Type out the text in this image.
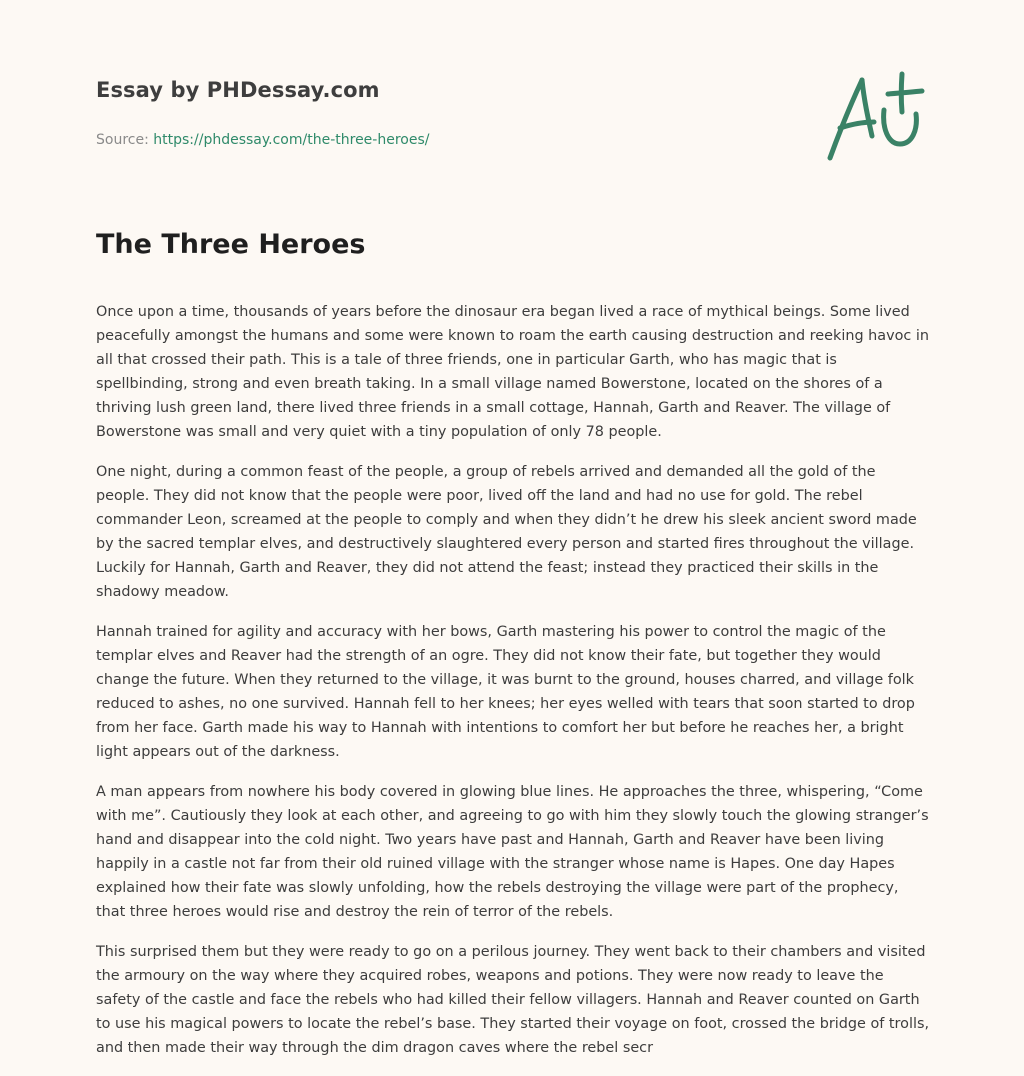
Essay by PHDessay.com
Source: https://phdessay.com/the-three-heroes/
The Three Heroes

Once upon a time, thousands of years before the dinosaur era began lived a race of mythical beings. Some lived peacefully amongst the humans and some were known to roam the earth causing destruction and reeking havoc in all that crossed their path. This is a tale of three friends, one in particular Garth, who has magic that is spellbinding, strong and even breath taking. In a small village named Bowerstone, located on the shores of a thriving lush green land, there lived three friends in a small cottage, Hannah, Garth and Reaver. The village of Bowerstone was small and very quiet with a tiny population of only 78 people.

One night, during a common feast of the people, a group of rebels arrived and demanded all the gold of the people. They did not know that the people were poor, lived off the land and had no use for gold. The rebel commander Leon, screamed at the people to comply and when they didn’t he drew his sleek ancient sword made by the sacred templar elves, and destructively slaughtered every person and started fires throughout the village. Luckily for Hannah, Garth and Reaver, they did not attend the feast; instead they practiced their skills in the shadowy meadow.

Hannah trained for agility and accuracy with her bows, Garth mastering his power to control the magic of the templar elves and Reaver had the strength of an ogre. They did not know their fate, but together they would change the future. When they returned to the village, it was burnt to the ground, houses charred, and village folk reduced to ashes, no one survived. Hannah fell to her knees; her eyes welled with tears that soon started to drop from her face. Garth made his way to Hannah with intentions to comfort her but before he reaches her, a bright light appears out of the darkness.

A man appears from nowhere his body covered in glowing blue lines. He approaches the three, whispering, “Come with me”. Cautiously they look at each other, and agreeing to go with him they slowly touch the glowing stranger’s hand and disappear into the cold night. Two years have past and Hannah, Garth and Reaver have been living happily in a castle not far from their old ruined village with the stranger whose name is Hapes. One day Hapes explained how their fate was slowly unfolding, how the rebels destroying the village were part of the prophecy, that three heroes would rise and destroy the rein of terror of the rebels.

This surprised them but they were ready to go on a perilous journey. They went back to their chambers and visited the armoury on the way where they acquired robes, weapons and potions. They were now ready to leave the safety of the castle and face the rebels who had killed their fellow villagers. Hannah and Reaver counted on Garth to use his magical powers to locate the rebel’s base. They started their voyage on foot, crossed the bridge of trolls, and then made their way through the dim dragon caves where the rebel secr
